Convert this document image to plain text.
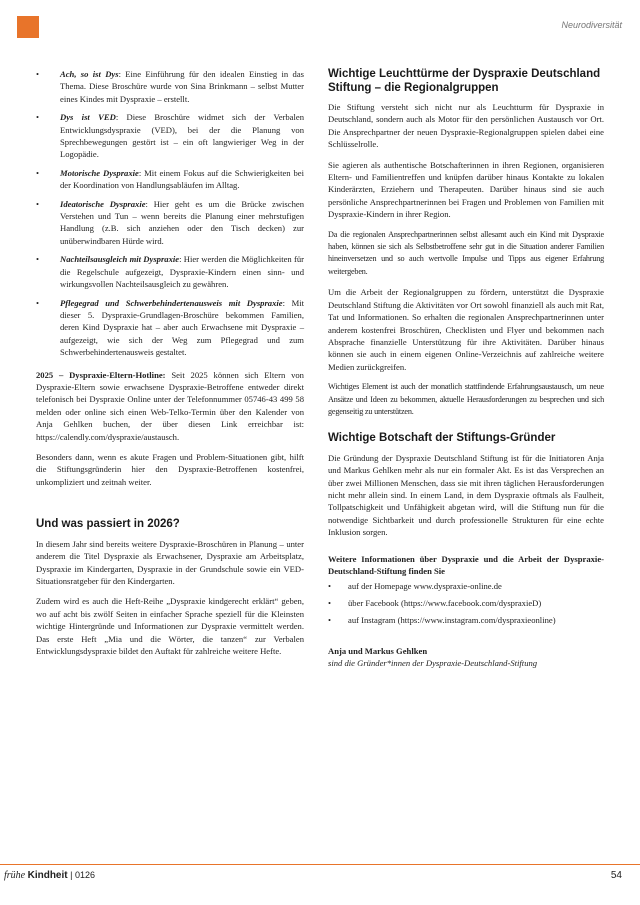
Neurodiversität
• Ach, so ist Dys: Eine Einführung für den idealen Einstieg in das Thema. Diese Broschüre wurde von Sina Brinkmann – selbst Mutter eines Kindes mit Dyspraxie – erstellt.
• Dys ist VED: Diese Broschüre widmet sich der Verbalen Entwicklungsdyspraxie (VED), bei der die Planung von Sprechbewegungen gestört ist – ein oft langwieriger Weg in der Logopädie.
• Motorische Dyspraxie: Mit einem Fokus auf die Schwierigkeiten bei der Koordination von Handlungsabläufen im Alltag.
• Ideatorische Dyspraxie: Hier geht es um die Brücke zwischen Verstehen und Tun – wenn bereits die Planung einer mehrstufigen Handlung (z.B. sich anziehen oder den Tisch decken) zur unüberwindbaren Hürde wird.
• Nachteilsausgleich mit Dyspraxie: Hier werden die Möglichkeiten für die Regelschule aufgezeigt, Dyspraxie-Kindern einen sinn- und wirkungsvollen Nachteilsausgleich zu gewähren.
• Pflegegrad und Schwerbehindertenausweis mit Dyspraxie: Mit dieser 5. Dyspraxie-Grundlagen-Broschüre bekommen Familien, deren Kind Dyspraxie hat – aber auch Erwachsene mit Dyspraxie – aufgezeigt, wie sich der Weg zum Pflegegrad und zum Schwerbehindertenausweis gestaltet.

2025 – Dyspraxie-Eltern-Hotline: Seit 2025 können sich Eltern von Dyspraxie-Eltern sowie erwachsene Dyspraxie-Betroffene entweder direkt telefonisch bei Dyspraxie Online unter der Telefonnummer 05746-43 499 58 melden oder online sich einen Web-Telko-Termin über den Kalender von Anja Gehlken buchen, der über diesen Link erreichbar ist: https://calendly.com/dyspraxie/austausch.

Besonders dann, wenn es akute Fragen und Problem-Situationen gibt, hilft die Stiftungsgründerin hier den Dyspraxie-Betroffenen kostenfrei, unkompliziert und zeitnah weiter.

Und was passiert in 2026?

In diesem Jahr sind bereits weitere Dyspraxie-Broschüren in Planung – unter anderem die Titel Dyspraxie als Erwachsener, Dyspraxie am Arbeitsplatz, Dyspraxie im Kindergarten, Dyspraxie in der Grundschule sowie ein VED-Situationsratgeber für den Kindergarten.

Zudem wird es auch die Heft-Reihe „Dyspraxie kindgerecht erklärt“ geben, wo auf acht bis zwölf Seiten in einfacher Sprache speziell für die Kleinsten wichtige Hintergründe und Informationen zur Dyspraxie vermittelt werden. Das erste Heft „Mia und die Wörter, die tanzen“ zur Verbalen Entwicklungsdyspraxie bildet den Auftakt für zahlreiche weitere Hefte.

Wichtige Leuchttürme der Dyspraxie Deutschland Stiftung – die Regionalgruppen

Die Stiftung versteht sich nicht nur als Leuchtturm für Dyspraxie in Deutschland, sondern auch als Motor für den persönlichen Austausch vor Ort. Die Ansprechpartner der neuen Dyspraxie-Regionalgruppen spielen dabei eine Schlüsselrolle.

Sie agieren als authentische Botschafterinnen in ihren Regionen, organisieren Eltern- und Familientreffen und knüpfen darüber hinaus Kontakte zu lokalen Kinderärzten, Erziehern und Therapeuten. Darüber hinaus sind sie auch persönliche Ansprechpartnerinnen bei Fragen und Problemen von Familien mit Dyspraxie-Kindern in ihrer Region.

Da die regionalen Ansprechpartnerinnen selbst allesamt auch ein Kind mit Dyspraxie haben, können sie sich als Selbstbetroffene sehr gut in die Situation anderer Familien hineinversetzen und so auch wertvolle Impulse und Tipps aus eigener Erfahrung weitergeben.

Um die Arbeit der Regionalgruppen zu fördern, unterstützt die Dyspraxie Deutschland Stiftung die Aktivitäten vor Ort sowohl finanziell als auch mit Rat, Tat und Informationen. So erhalten die regionalen Ansprechpartnerinnen unter anderem kostenfrei Broschüren, Checklisten und Flyer und bekommen nach Absprache finanzielle Unterstützung für ihre Aktivitäten. Darüber hinaus können sie auch in einem eigenen Online-Verzeichnis auf zahlreiche weitere Medien zurückgreifen.

Wichtiges Element ist auch der monatlich stattfindende Erfahrungsaustausch, um neue Ansätze und Ideen zu bekommen, aktuelle Herausforderungen zu besprechen und sich gegenseitig zu unterstützen.

Wichtige Botschaft der Stiftungs-Gründer

Die Gründung der Dyspraxie Deutschland Stiftung ist für die Initiatoren Anja und Markus Gehlken mehr als nur ein formaler Akt. Es ist das Versprechen an über zwei Millionen Menschen, dass sie mit ihren täglichen Herausforderungen nicht mehr allein sind. In einem Land, in dem Dyspraxie oftmals als Faulheit, Tollpatschigkeit und Unfähigkeit abgetan wird, will die Stiftung nun für die notwendige Sichtbarkeit und durch professionelle Strukturen für eine echte Inklusion sorgen.

Weitere Informationen über Dyspraxie und die Arbeit der Dyspraxie-Deutschland-Stiftung finden Sie

• auf der Homepage www.dyspraxie-online.de
• über Facebook (https://www.facebook.com/dyspraxieD)
• auf Instagram (https://www.instagram.com/dyspraxieonline)

Anja und Markus Gehlken

sind die Gründer*innen der Dyspraxie-Deutschland-Stiftung

frühe Kindheit | 0126	54
